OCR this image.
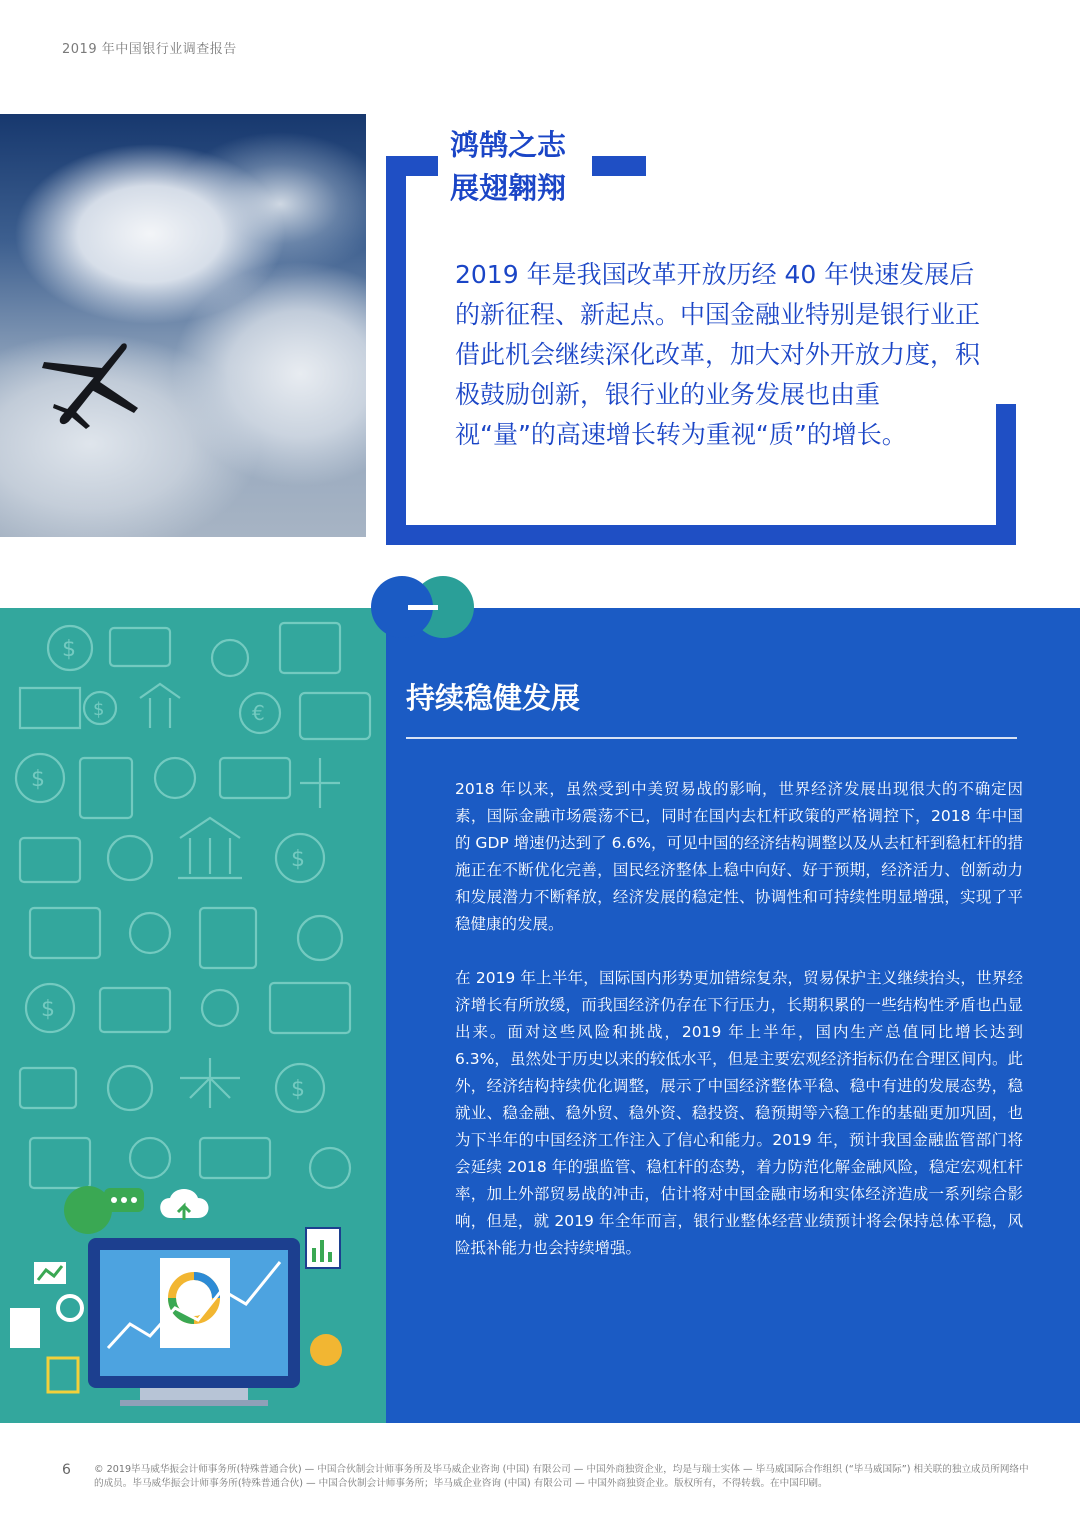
2019 年中国银行业调查报告
鸿鹄之志
展翅翱翔
2019 年是我国改革开放历经 40 年快速发展后的新征程、新起点。中国金融业特别是银行业正借此机会继续深化改革，加大对外开放力度，积极鼓励创新，银行业的业务发展也由重视“量”的高速增长转为重视“质”的增长。
$
$	€
$
$
$
$
持续稳健发展

2018 年以来，虽然受到中美贸易战的影响，世界经济发展出现很大的不确定因素，国际金融市场震荡不已，同时在国内去杠杆政策的严格调控下，2018 年中国的 GDP 增速仍达到了 6.6%，可见中国的经济结构调整以及从去杠杆到稳杠杆的措施正在不断优化完善，国民经济整体上稳中向好、好于预期，经济活力、创新动力和发展潜力不断释放，经济发展的稳定性、协调性和可持续性明显增强，实现了平稳健康的发展。

在 2019 年上半年，国际国内形势更加错综复杂，贸易保护主义继续抬头，世界经济增长有所放缓，而我国经济仍存在下行压力，长期积累的一些结构性矛盾也凸显出来。面对这些风险和挑战，2019 年上半年，国内生产总值同比增长达到 6.3%，虽然处于历史以来的较低水平，但是主要宏观经济指标仍在合理区间内。此外，经济结构持续优化调整，展示了中国经济整体平稳、稳中有进的发展态势，稳就业、稳金融、稳外贸、稳外资、稳投资、稳预期等六稳工作的基础更加巩固，也为下半年的中国经济工作注入了信心和能力。2019 年，预计我国金融监管部门将会延续 2018 年的强监管、稳杠杆的态势，着力防范化解金融风险，稳定宏观杠杆率，加上外部贸易战的冲击，估计将对中国金融市场和实体经济造成一系列综合影响，但是，就 2019 年全年而言，银行业整体经营业绩预计将会保持总体平稳，风险抵补能力也会持续增强。

6 © 2019毕马威华振会计师事务所(特殊普通合伙) — 中国合伙制会计师事务所及毕马威企业咨询 (中国) 有限公司 — 中国外商独资企业，均是与瑞士实体 — 毕马威国际合作组织 (“毕马威国际”) 相关联的独立成员所网络中的成员。毕马威华振会计师事务所(特殊普通合伙) — 中国合伙制会计师事务所；毕马威企业咨询 (中国) 有限公司 — 中国外商独资企业。版权所有，不得转载。在中国印刷。
